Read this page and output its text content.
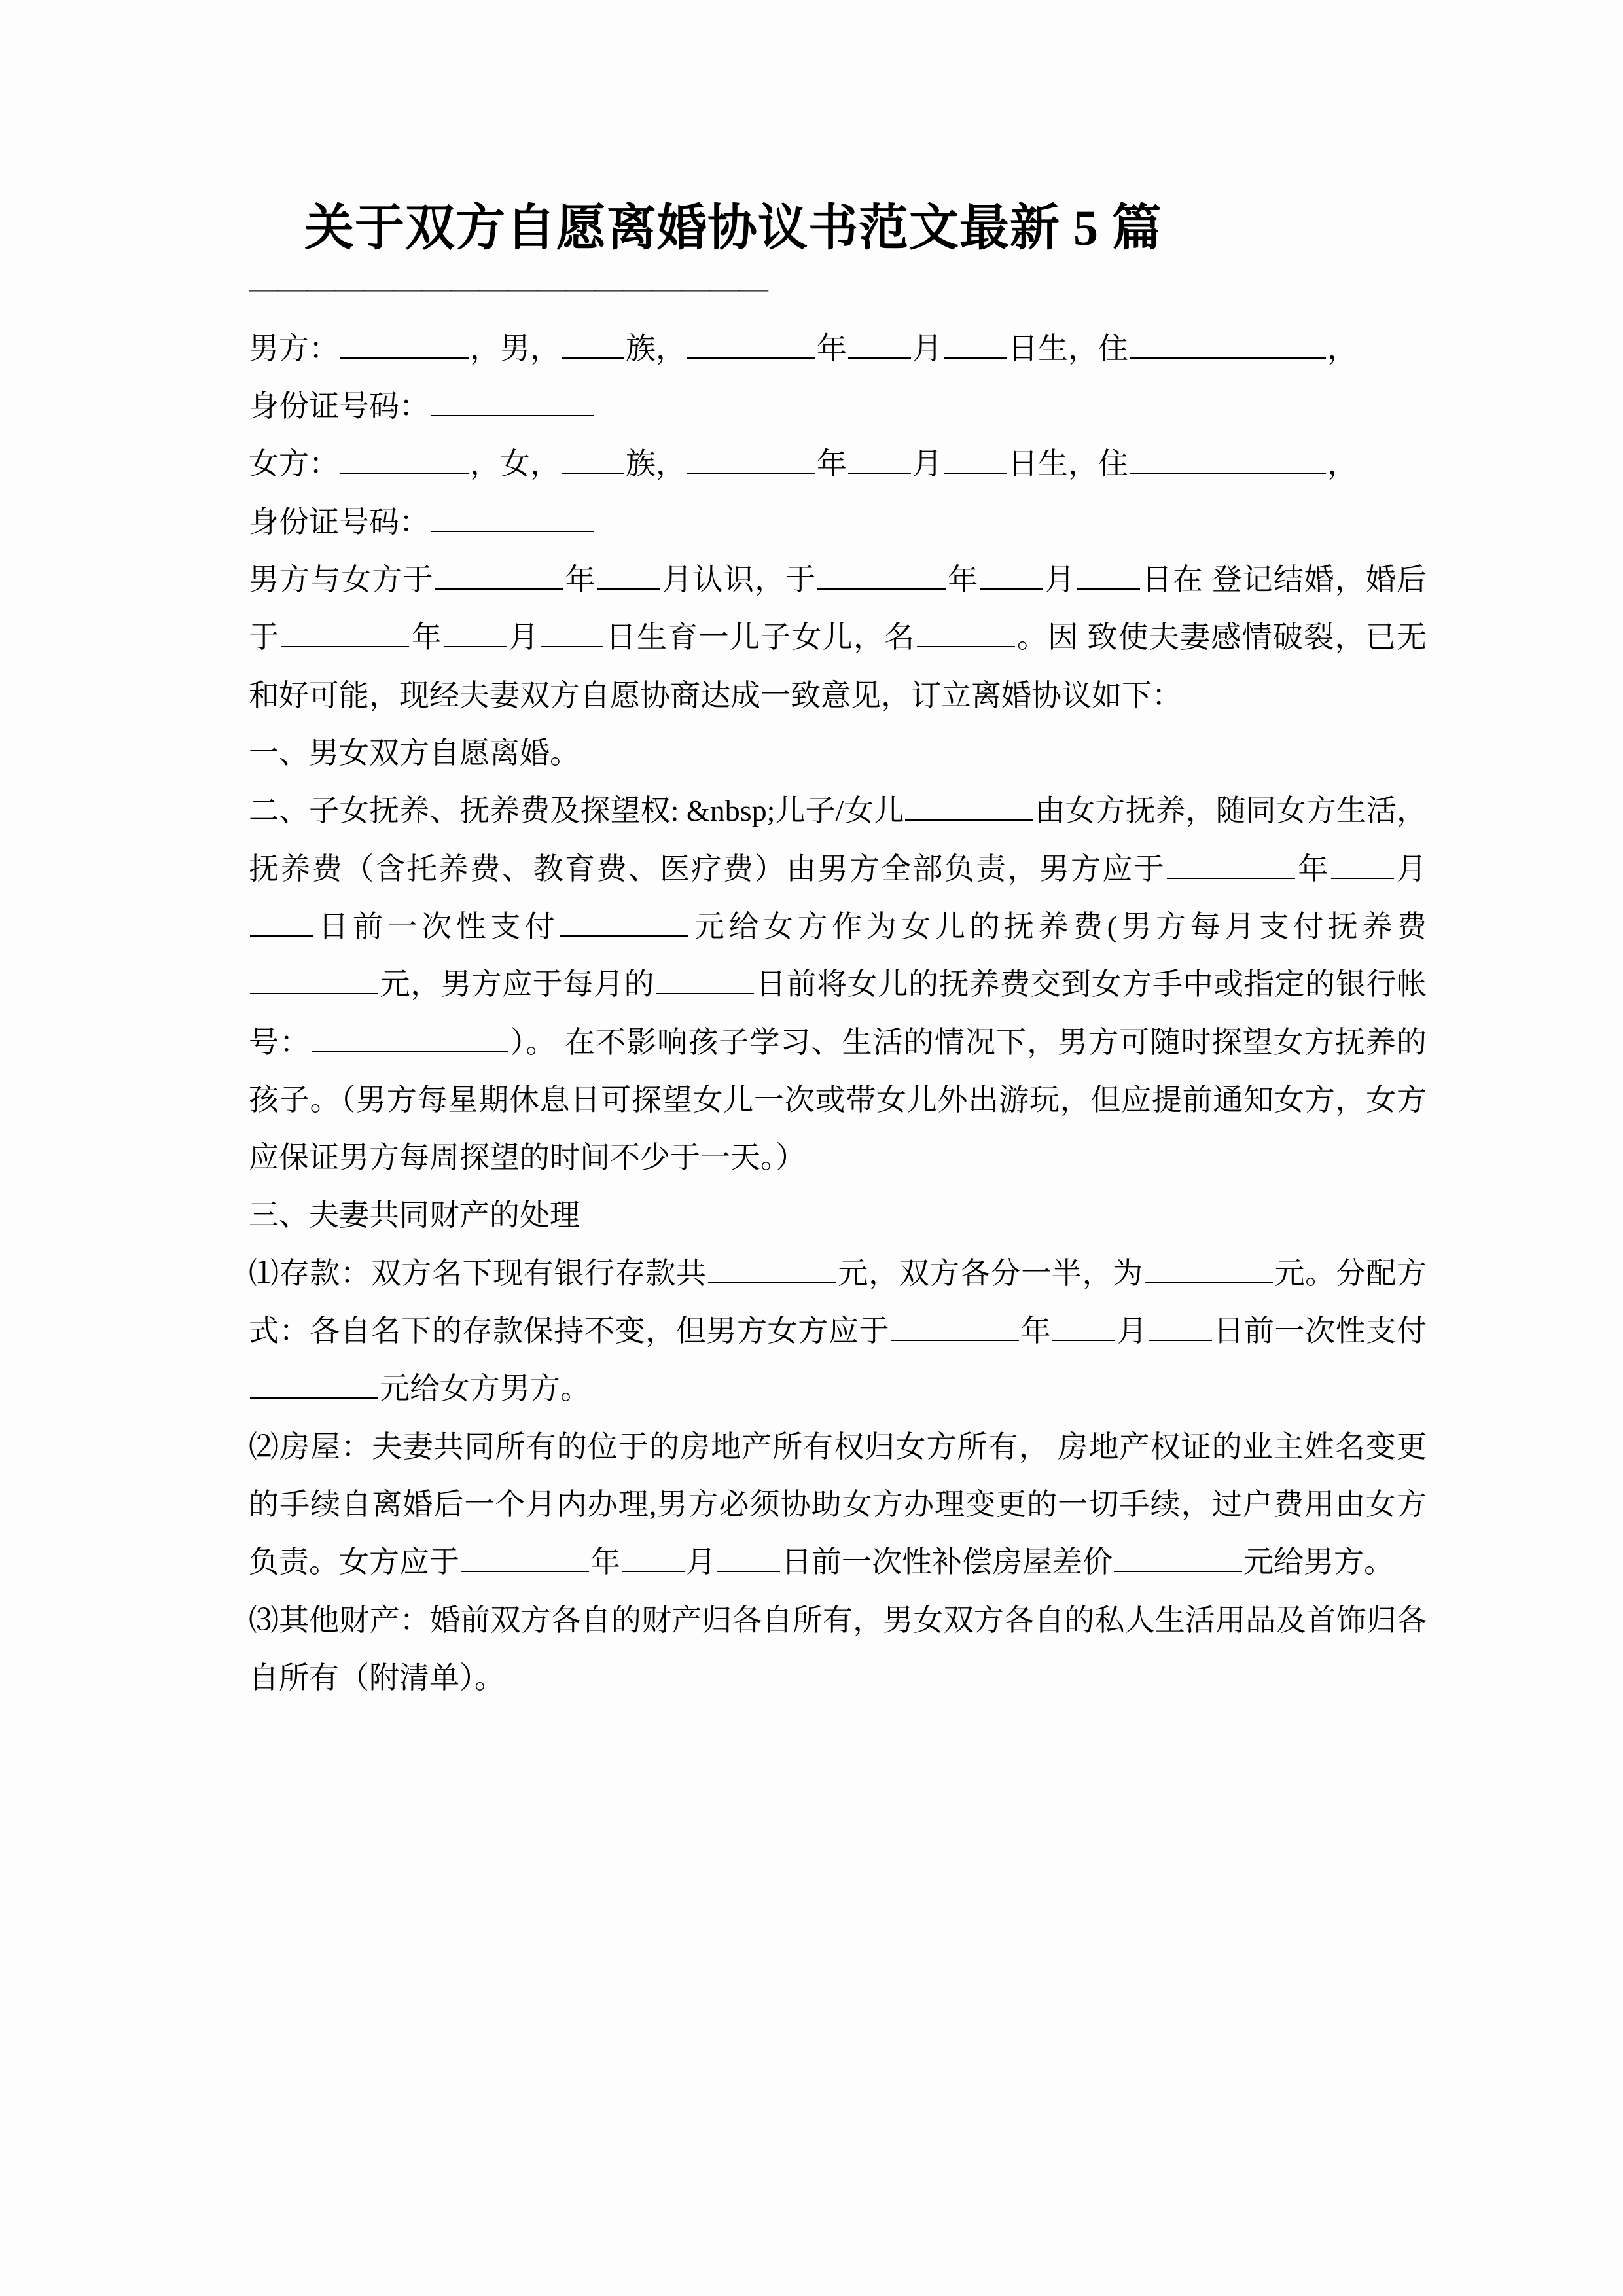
关于双方自愿离婚协议书范文最新 5 篇
——————————————————

男方：	，男， 族，	年 月 日生，住	，

身份证号码：

女方：	，女， 族，	年 月 日生，住	，

身份证号码：

男方与女方于	年 月认识，于	年 月 日在 登记结婚，婚后于	年 月 日生育一儿子女儿，名	。因 致使夫妻感情破裂，已无和好可能，现经夫妻双方自愿协商达成一致意见，订立离婚协议如下：

一、男女双方自愿离婚。

二、子女抚养、抚养费及探望权: &nbsp;儿子/女儿	由女方抚养，随同女方生活，抚养费（含托养费、教育费、医疗费）由男方全部负责，男方应于	年 月日前一次性支付	元给女方作为女儿的抚养费(男方每月支付抚养费元，男方应于每月的	日前将女儿的抚养费交到女方手中或指定的银行帐号：	）。 在不影响孩子学习、生活的情况下，男方可随时探望女方抚养的孩子。（男方每星期休息日可探望女儿一次或带女儿外出游玩，但应提前通知女方，女方应保证男方每周探望的时间不少于一天。）

三、夫妻共同财产的处理

⑴存款：双方名下现有银行存款共	元，双方各分一半，为	元。分配方式：各自名下的存款保持不变，但男方女方应于	年 月 日前一次性支付元给女方男方。

⑵房屋：夫妻共同所有的位于的房地产所有权归女方所有， 房地产权证的业主姓名变更的手续自离婚后一个月内办理,男方必须协助女方办理变更的一切手续，过户费用由女方负责。女方应于	年 月 日前一次性补偿房屋差价	元给男方。

⑶其他财产：婚前双方各自的财产归各自所有，男女双方各自的私人生活用品及首饰归各自所有（附清单）。
